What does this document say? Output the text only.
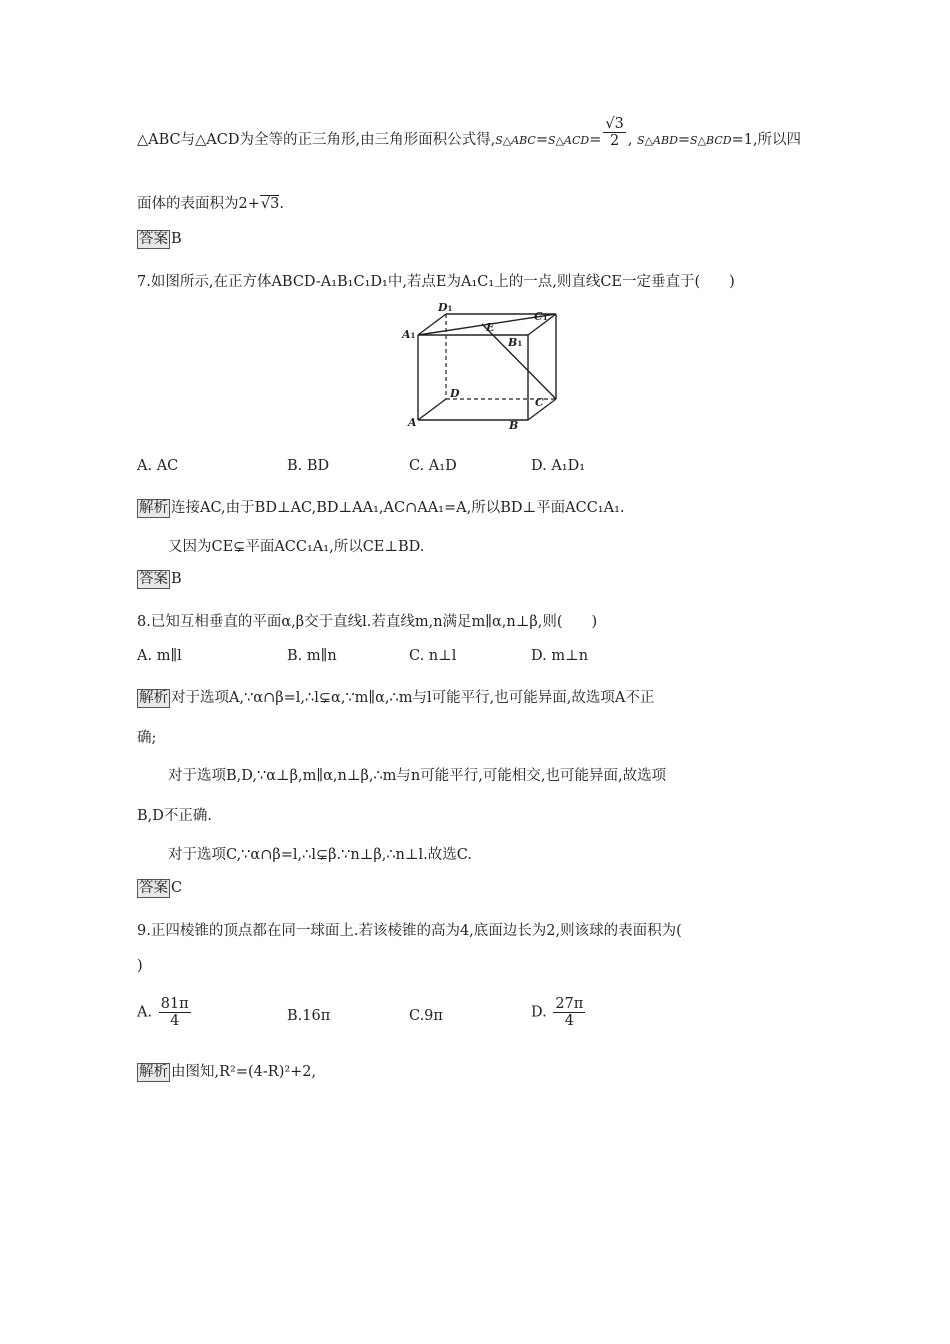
△ABC与△ACD为全等的正三角形,由三角形面积公式得,S△ABC=S△ACD= $\frac{√3}{2}$ , S△ABD=S△BCD=1,所以四
面体的表面积为2+√3.
答案 B
7.如图所示,在正方体ABCD-A₁B₁C₁D₁中,若点E为A₁C₁上的一点,则直线CE一定垂直于(　　)
D1
C1
A1
E
B1
D
C
A	B
A. AC	B. BD	C. A₁D	D. A₁D₁
解析 连接AC,由于BD⊥AC,BD⊥AA₁,AC∩AA₁=A,所以BD⊥平面ACC₁A₁.
又因为CE⊊平面ACC₁A₁,所以CE⊥BD.
答案 B
8.已知互相垂直的平面α,β交于直线l.若直线m,n满足m∥α,n⊥β,则(　　)
A. m∥l	B. m∥n	C. n⊥l	D. m⊥n
解析 对于选项A,∵α∩β=l,∴l⊊α,∵m∥α,∴m与l可能平行,也可能异面,故选项A不正
确;
对于选项B,D,∵α⊥β,m∥α,n⊥β,∴m与n可能平行,可能相交,也可能异面,故选项
B,D不正确.
对于选项C,∵α∩β=l,∴l⊊β.∵n⊥β,∴n⊥l.故选C.
答案 C
9.正四棱锥的顶点都在同一球面上.若该棱锥的高为4,底面边长为2,则该球的表面积为(
)
A. $\frac{81\pi}{4}$	B.16π	C.9π	D. $\frac{27\pi}{4}$
解析 由图知,R²=(4-R)²+2,
